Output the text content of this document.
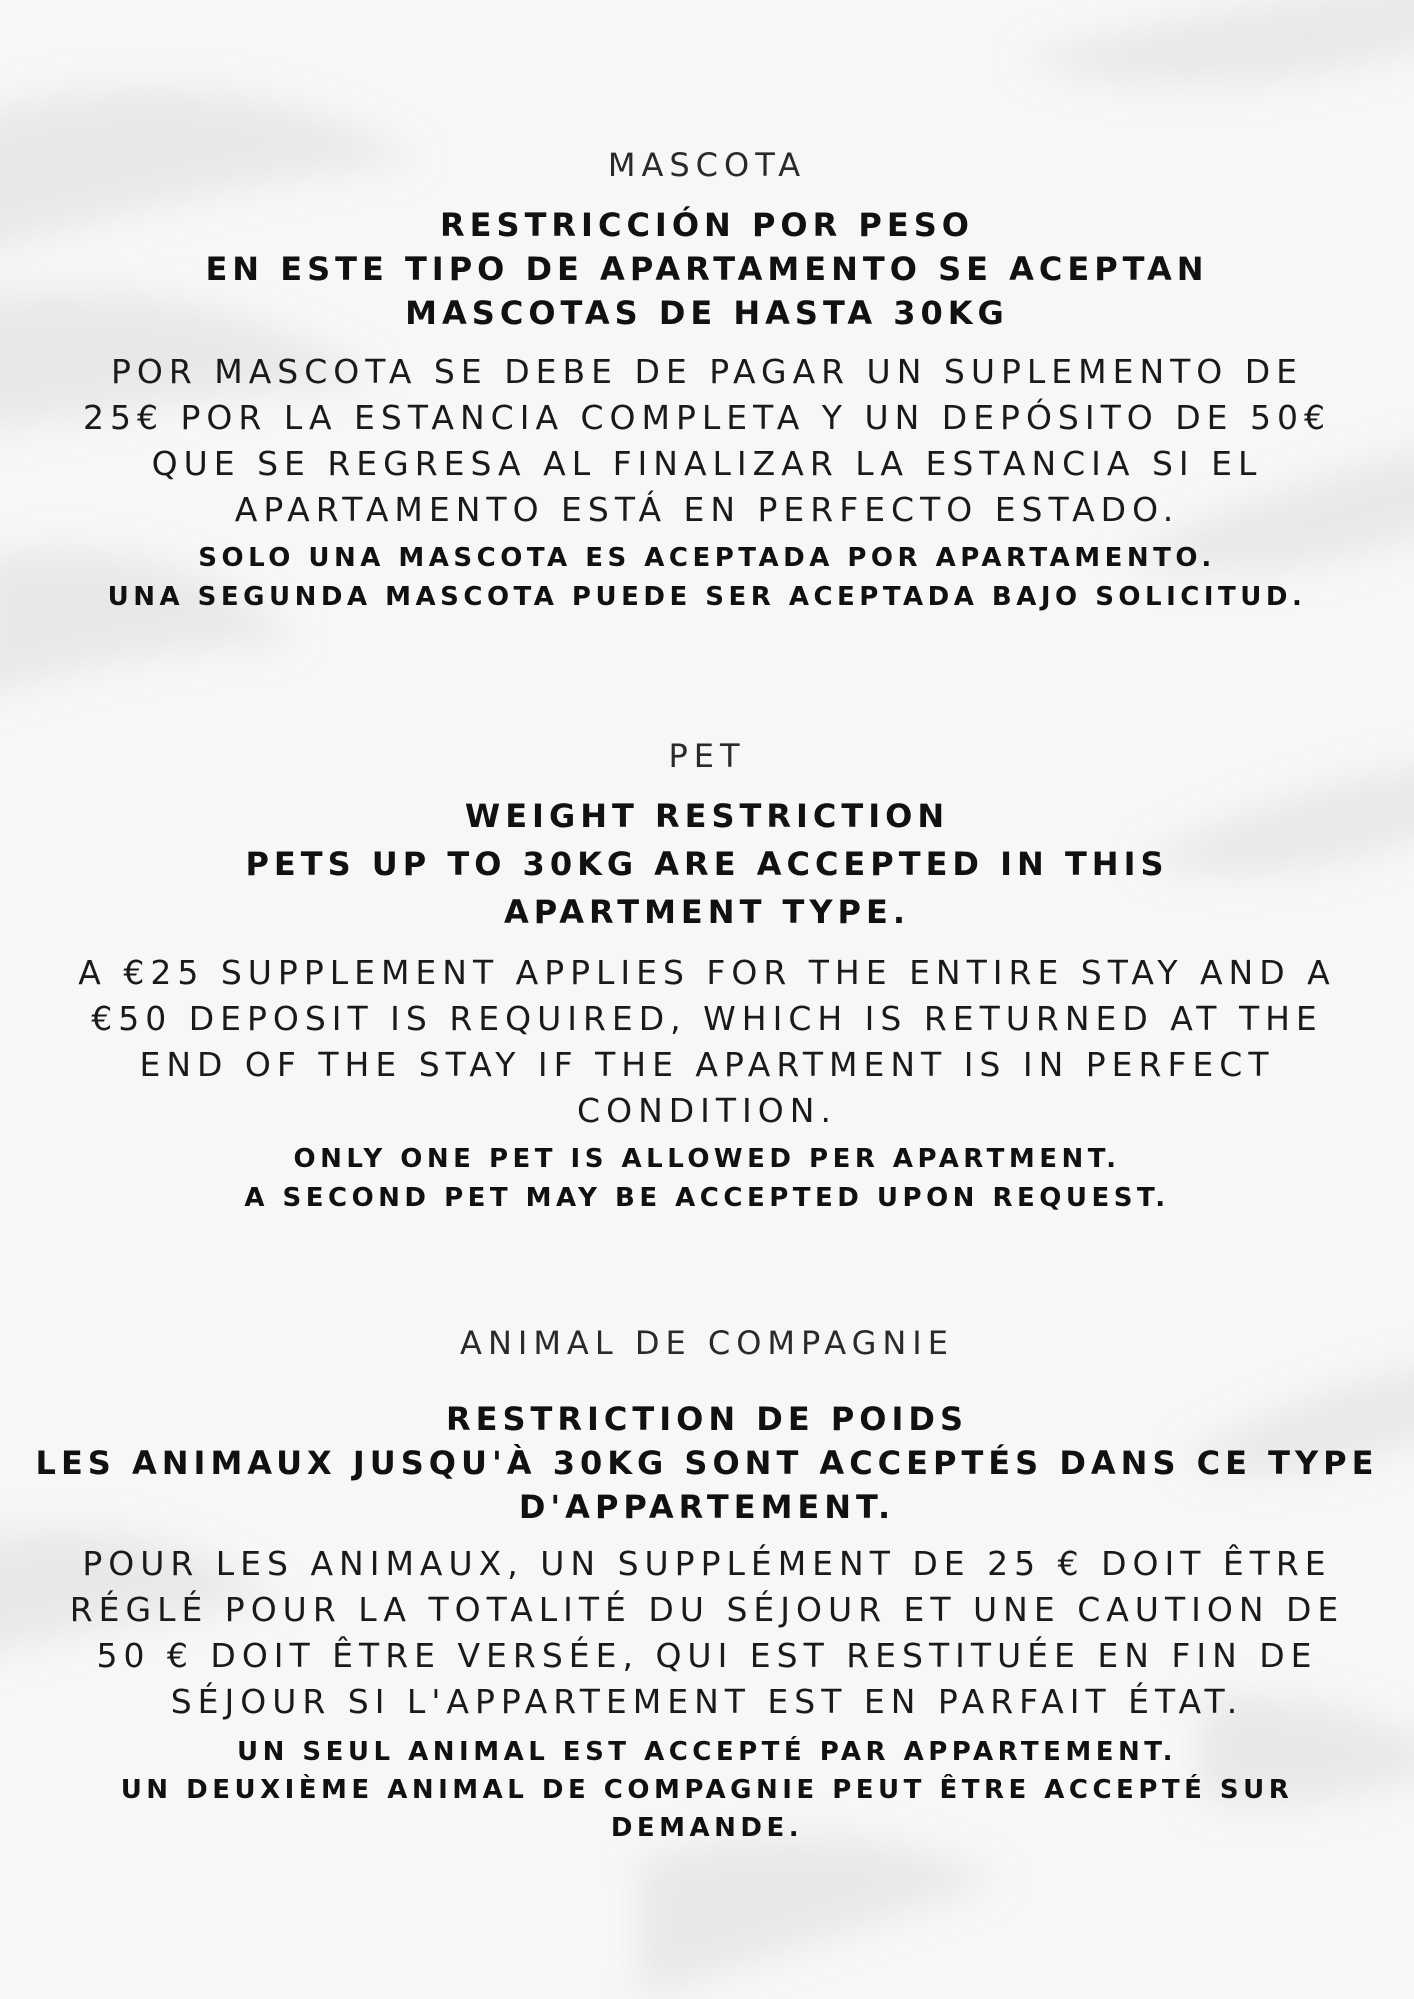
MASCOTA
RESTRICCIÓN POR PESO
EN ESTE TIPO DE APARTAMENTO SE ACEPTAN
MASCOTAS DE HASTA 30KG
POR MASCOTA SE DEBE DE PAGAR UN SUPLEMENTO DE
25€ POR LA ESTANCIA COMPLETA Y UN DEPÓSITO DE 50€
QUE SE REGRESA AL FINALIZAR LA ESTANCIA SI EL
APARTAMENTO ESTÁ EN PERFECTO ESTADO.
SOLO UNA MASCOTA ES ACEPTADA POR APARTAMENTO.
UNA SEGUNDA MASCOTA PUEDE SER ACEPTADA BAJO SOLICITUD.
PET
WEIGHT RESTRICTION
PETS UP TO 30KG ARE ACCEPTED IN THIS
APARTMENT TYPE.
A €25 SUPPLEMENT APPLIES FOR THE ENTIRE STAY AND A
€50 DEPOSIT IS REQUIRED, WHICH IS RETURNED AT THE
END OF THE STAY IF THE APARTMENT IS IN PERFECT
CONDITION.
ONLY ONE PET IS ALLOWED PER APARTMENT.
A SECOND PET MAY BE ACCEPTED UPON REQUEST.
ANIMAL DE COMPAGNIE
RESTRICTION DE POIDS
LES ANIMAUX JUSQU'À 30KG SONT ACCEPTÉS DANS CE TYPE
D'APPARTEMENT.
POUR LES ANIMAUX, UN SUPPLÉMENT DE 25 € DOIT ÊTRE
RÉGLÉ POUR LA TOTALITÉ DU SÉJOUR ET UNE CAUTION DE
50 € DOIT ÊTRE VERSÉE, QUI EST RESTITUÉE EN FIN DE
SÉJOUR SI L'APPARTEMENT EST EN PARFAIT ÉTAT.
UN SEUL ANIMAL EST ACCEPTÉ PAR APPARTEMENT.
UN DEUXIÈME ANIMAL DE COMPAGNIE PEUT ÊTRE ACCEPTÉ SUR
DEMANDE.
